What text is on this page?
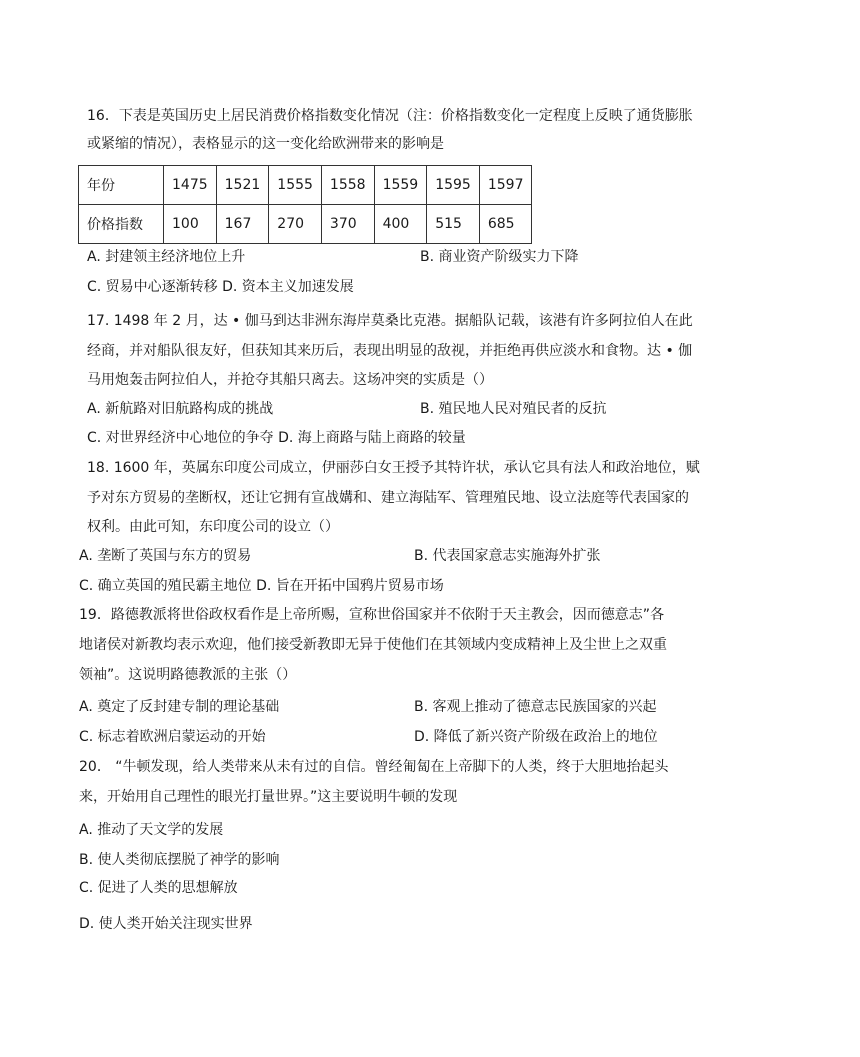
16．下表是英国历史上居民消费价格指数变化情况（注：价格指数变化一定程度上反映了通货膨胀
或紧缩的情况），表格显示的这一变化给欧洲带来的影响是
年份	1475	1521	1555	1558	1559	1595	1597
价格指数	100	167	270	370	400	515	685
A. 封建领主经济地位上升	B. 商业资产阶级实力下降
C. 贸易中心逐渐转移 D. 资本主义加速发展
17. 1498 年 2 月，达 • 伽马到达非洲东海岸莫桑比克港。据船队记载，该港有许多阿拉伯人在此
经商，并对船队很友好，但获知其来历后，表现出明显的敌视，并拒绝再供应淡水和食物。达 • 伽
马用炮轰击阿拉伯人，并抢夺其船只离去。这场冲突的实质是（）
A. 新航路对旧航路构成的挑战	B. 殖民地人民对殖民者的反抗
C. 对世界经济中心地位的争夺 D. 海上商路与陆上商路的较量
18. 1600 年，英属东印度公司成立，伊丽莎白女王授予其特许状，承认它具有法人和政治地位，赋
予对东方贸易的垄断权，还让它拥有宣战媾和、建立海陆军、管理殖民地、设立法庭等代表国家的
权利。由此可知，东印度公司的设立（）
A. 垄断了英国与东方的贸易	B. 代表国家意志实施海外扩张
C. 确立英国的殖民霸主地位 D. 旨在开拓中国鸦片贸易市场
19．路德教派将世俗政权看作是上帝所赐，宣称世俗国家并不依附于天主教会，因而德意志”各
地诸侯对新教均表示欢迎，他们接受新教即无异于使他们在其领域内变成精神上及尘世上之双重
领袖”。这说明路德教派的主张（）
A. 奠定了反封建专制的理论基础	B. 客观上推动了德意志民族国家的兴起
C. 标志着欧洲启蒙运动的开始	D. 降低了新兴资产阶级在政治上的地位
20． “牛顿发现，给人类带来从未有过的自信。曾经匍匐在上帝脚下的人类，终于大胆地抬起头
来，开始用自己理性的眼光打量世界。”这主要说明牛顿的发现
A. 推动了天文学的发展
B. 使人类彻底摆脱了神学的影响
C. 促进了人类的思想解放
D. 使人类开始关注现实世界
